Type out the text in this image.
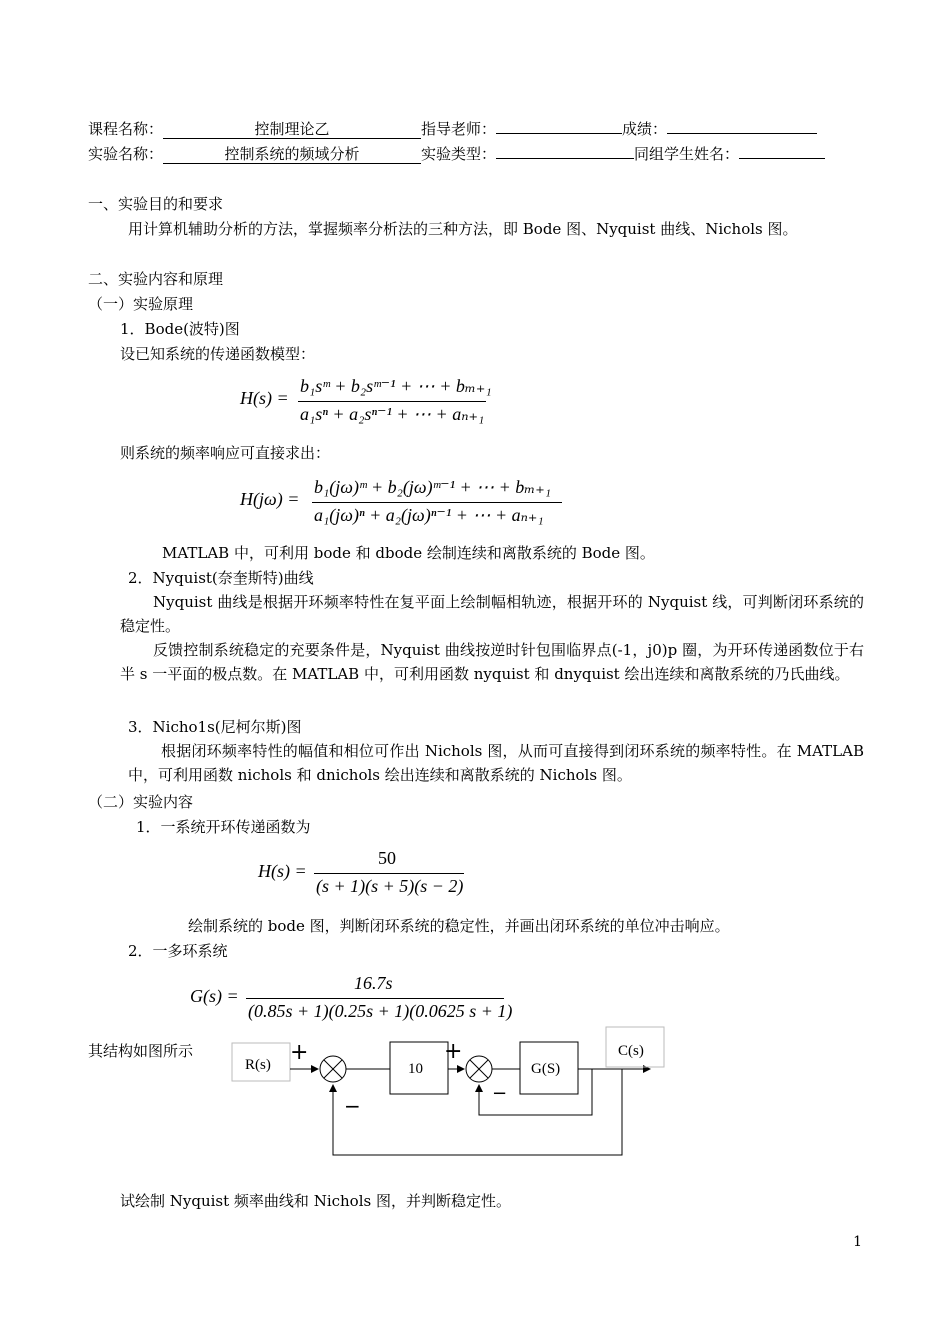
课程名称：	控制理论乙	指导老师：	成绩：
实验名称：	控制系统的频域分析	实验类型：	同组学生姓名：
一、实验目的和要求
用计算机辅助分析的方法，掌握频率分析法的三种方法，即 Bode 图、Nyquist 曲线、Nichols 图。
二、实验内容和原理
（一）实验原理
1．Bode(波特)图
设已知系统的传递函数模型：
H(s) =
b₁sᵐ + b₂sᵐ⁻¹ + ⋯ + bₘ₊₁
a₁sⁿ + a₂sⁿ⁻¹ + ⋯ + aₙ₊₁
则系统的频率响应可直接求出：
H(jω) =
b₁(jω)ᵐ + b₂(jω)ᵐ⁻¹ + ⋯ + bₘ₊₁
a₁(jω)ⁿ + a₂(jω)ⁿ⁻¹ + ⋯ + aₙ₊₁
MATLAB 中，可利用 bode 和 dbode 绘制连续和离散系统的 Bode 图。
2．Nyquist(奈奎斯特)曲线
Nyquist 曲线是根据开环频率特性在复平面上绘制幅相轨迹，根据开环的 Nyquist 线，可判断闭环系统的稳定性。
反馈控制系统稳定的充要条件是，Nyquist 曲线按逆时针包围临界点(-1，j0)p 圈，为开环传递函数位于右半 s 一平面的极点数。在 MATLAB 中，可利用函数 nyquist 和 dnyquist 绘出连续和离散系统的乃氏曲线。
3．Nicho1s(尼柯尔斯)图
根据闭环频率特性的幅值和相位可作出 Nichols 图，从而可直接得到闭环系统的频率特性。在 MATLAB 中，可利用函数 nichols 和 dnichols 绘出连续和离散系统的 Nichols 图。
（二）实验内容
1．一系统开环传递函数为
H(s) =
50
(s + 1)(s + 5)(s − 2)
绘制系统的 bode 图，判断闭环系统的稳定性，并画出闭环系统的单位冲击响应。
2．一多环系统
G(s) =
16.7s
(0.85s + 1)(0.25s + 1)(0.0625 s + 1)
其结构如图所示
R(s) +
−
10
+
−
G(S)
C(s)
试绘制 Nyquist 频率曲线和 Nichols 图，并判断稳定性。
1
